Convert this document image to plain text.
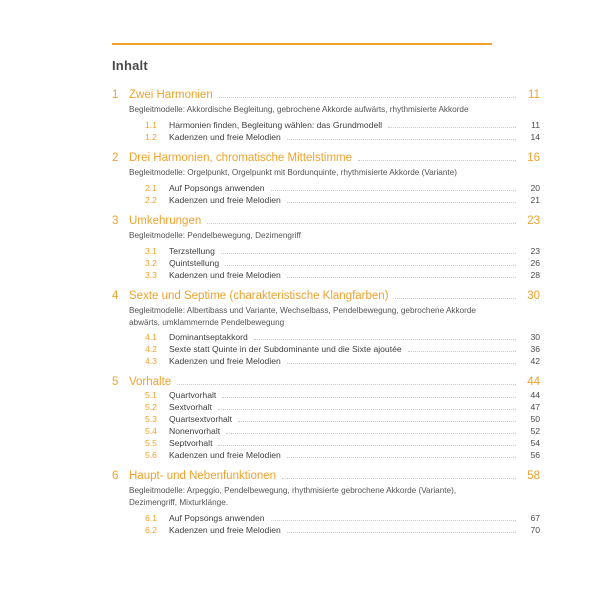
Inhalt
1 Zwei Harmonien	11
Begleitmodelle: Akkordische Begleitung, gebrochene Akkorde aufwärts, rhythmisierte Akkorde
1.1	Harmonien finden, Begleitung wählen: das Grundmodell	11
1.2	Kadenzen und freie Melodien	14
2 Drei Harmonien, chromatische Mittelstimme	16
Begleitmodelle: Orgelpunkt, Orgelpunkt mit Bordunquinte, rhythmisierte Akkorde (Variante)
2.1	Auf Popsongs anwenden	20
2.2	Kadenzen und freie Melodien	21
3 Umkehrungen	23
Begleitmodelle: Pendelbewegung, Dezimengriff
3.1	Terzstellung	23
3.2	Quintstellung	26
3.3	Kadenzen und freie Melodien	28
4 Sexte und Septime (charakteristische Klangfarben)	30
Begleitmodelle: Albertibass und Variante, Wechselbass, Pendelbewegung, gebrochene Akkorde abwärts, umklammernde Pendelbewegung
4.1	Dominantseptakkord	30
4.2	Sexte statt Quinte in der Subdominante und die Sixte ajoutée	36
4.3	Kadenzen und freie Melodien	42
5 Vorhalte	44
5.1	Quartvorhalt	44
5.2	Sextvorhalt	47
5.3	Quartsextvorhalt	50
5.4	Nonenvorhalt	52
5.5	Septvorhalt	54
5.6	Kadenzen und freie Melodien	56
6 Haupt- und Nebenfunktionen	58
Begleitmodelle: Arpeggio, Pendelbewegung, rhythmisierte gebrochene Akkorde (Variante), Dezimengriff, Mixturklänge.
6.1	Auf Popsongs anwenden	67
6.2	Kadenzen und freie Melodien	70
